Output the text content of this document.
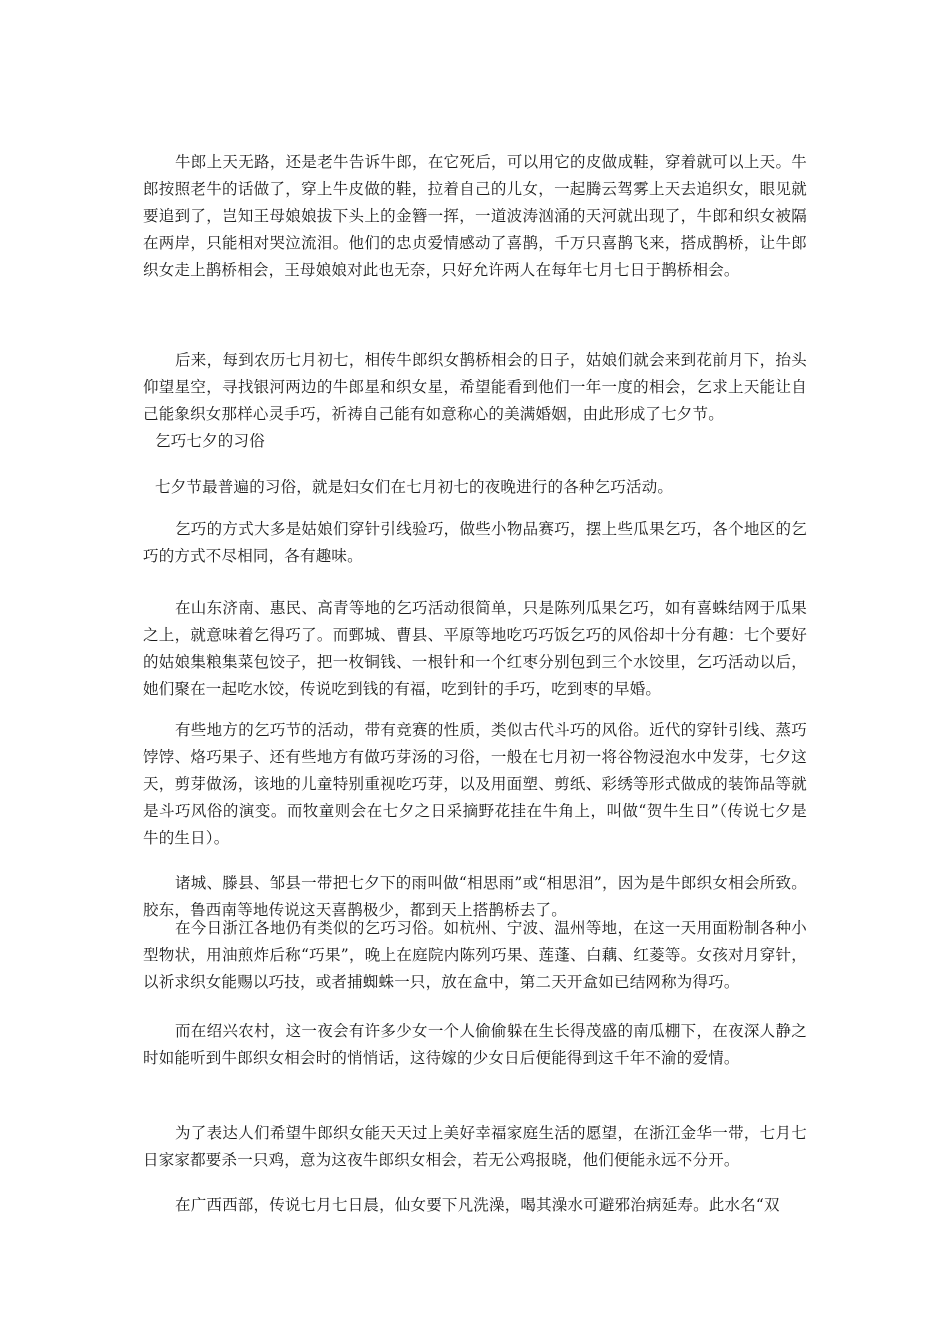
牛郎上天无路，还是老牛告诉牛郎，在它死后，可以用它的皮做成鞋，穿着就可以上天。牛郎按照老牛的话做了，穿上牛皮做的鞋，拉着自己的儿女，一起腾云驾雾上天去追织女，眼见就要追到了，岂知王母娘娘拔下头上的金簪一挥，一道波涛汹涌的天河就出现了，牛郎和织女被隔在两岸，只能相对哭泣流泪。他们的忠贞爱情感动了喜鹊，千万只喜鹊飞来，搭成鹊桥，让牛郎织女走上鹊桥相会，王母娘娘对此也无奈，只好允许两人在每年七月七日于鹊桥相会。

后来，每到农历七月初七，相传牛郎织女鹊桥相会的日子，姑娘们就会来到花前月下，抬头仰望星空，寻找银河两边的牛郎星和织女星，希望能看到他们一年一度的相会，乞求上天能让自己能象织女那样心灵手巧，祈祷自己能有如意称心的美满婚姻，由此形成了七夕节。

乞巧七夕的习俗

七夕节最普遍的习俗，就是妇女们在七月初七的夜晚进行的各种乞巧活动。

乞巧的方式大多是姑娘们穿针引线验巧，做些小物品赛巧，摆上些瓜果乞巧，各个地区的乞巧的方式不尽相同，各有趣味。

在山东济南、惠民、高青等地的乞巧活动很简单，只是陈列瓜果乞巧，如有喜蛛结网于瓜果之上，就意味着乞得巧了。而鄄城、曹县、平原等地吃巧巧饭乞巧的风俗却十分有趣：七个要好的姑娘集粮集菜包饺子，把一枚铜钱、一根针和一个红枣分别包到三个水饺里，乞巧活动以后，她们聚在一起吃水饺，传说吃到钱的有福，吃到针的手巧，吃到枣的早婚。

有些地方的乞巧节的活动，带有竞赛的性质，类似古代斗巧的风俗。近代的穿针引线、蒸巧饽饽、烙巧果子、还有些地方有做巧芽汤的习俗，一般在七月初一将谷物浸泡水中发芽，七夕这天，剪芽做汤，该地的儿童特别重视吃巧芽，以及用面塑、剪纸、彩绣等形式做成的装饰品等就是斗巧风俗的演变。而牧童则会在七夕之日采摘野花挂在牛角上，叫做“贺牛生日”（传说七夕是牛的生日）。

诸城、滕县、邹县一带把七夕下的雨叫做“相思雨”或“相思泪”，因为是牛郎织女相会所致。胶东，鲁西南等地传说这天喜鹊极少，都到天上搭鹊桥去了。

在今日浙江各地仍有类似的乞巧习俗。如杭州、宁波、温州等地，在这一天用面粉制各种小型物状，用油煎炸后称“巧果”，晚上在庭院内陈列巧果、莲蓬、白藕、红菱等。女孩对月穿针，以祈求织女能赐以巧技，或者捕蜘蛛一只，放在盒中，第二天开盒如已结网称为得巧。

而在绍兴农村，这一夜会有许多少女一个人偷偷躲在生长得茂盛的南瓜棚下，在夜深人静之时如能听到牛郎织女相会时的悄悄话，这待嫁的少女日后便能得到这千年不渝的爱情。

为了表达人们希望牛郎织女能天天过上美好幸福家庭生活的愿望，在浙江金华一带，七月七日家家都要杀一只鸡，意为这夜牛郎织女相会，若无公鸡报晓，他们便能永远不分开。

在广西西部，传说七月七日晨，仙女要下凡洗澡，喝其澡水可避邪治病延寿。此水名“双
